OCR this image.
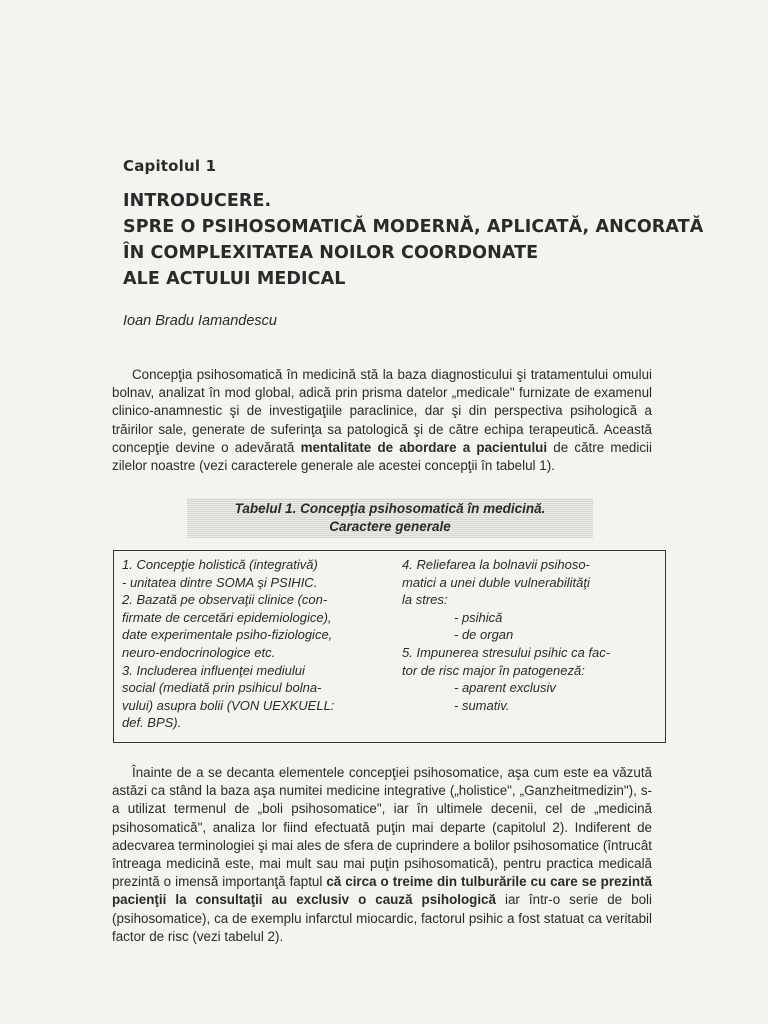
Capitolul 1
INTRODUCERE.
SPRE O PSIHOSOMATICĂ MODERNĂ, APLICATĂ, ANCORATĂ
ÎN COMPLEXITATEA NOILOR COORDONATE
ALE ACTULUI MEDICAL
Ioan Bradu Iamandescu

Concepţia psihosomatică în medicină stă la baza diagnosticului şi tratamentului omului bolnav, analizat în mod global, adică prin prisma datelor „medicale" furnizate de examenul clinico-anamnestic şi de investigaţiile paraclinice, dar şi din perspectiva psihologică a trăirilor sale, generate de suferinţa sa patologică şi de către echipa terapeutică. Această concepţie devine o adevărată mentalitate de abordare a pacientului de către medicii zilelor noastre (vezi caracterele generale ale acestei concepţii în tabelul 1).

Tabelul 1. Concepţia psihosomatică în medicină.
Caractere generale
1. Concepţie holistică (integrativă)
- unitatea dintre SOMA şi PSIHIC.
2. Bazată pe observaţii clinice (con-
firmate de cercetări epidemiologice),
date experimentale psiho-fiziologice,
neuro-endocrinologice etc.
3. Includerea influenţei mediului
social (mediată prin psihicul bolna-
vului) asupra bolii (VON UEXKUELL:
def. BPS).
4. Reliefarea la bolnavii psihoso-
matici a unei duble vulnerabilităţi
la stres:
- psihică
- de organ
5. Impunerea stresului psihic ca fac-
tor de risc major în patogeneză:
- aparent exclusiv
- sumativ.

Înainte de a se decanta elementele concepţiei psihosomatice, aşa cum este ea văzută astăzi ca stând la baza aşa numitei medicine integrative („holistice", „Ganzheitmedizin"), s-a utilizat termenul de „boli psihosomatice", iar în ultimele decenii, cel de „medicină psihosomatică", analiza lor fiind efectuată puţin mai departe (capitolul 2). Indiferent de adecvarea terminologiei şi mai ales de sfera de cuprindere a bolilor psihosomatice (întrucât întreaga medicină este, mai mult sau mai puţin psihosomatică), pentru practica medicală prezintă o imensă importanţă faptul că circa o treime din tulburările cu care se prezintă pacienţii la consultaţii au exclusiv o cauză psihologică iar într-o serie de boli (psihosomatice), ca de exemplu infarctul miocardic, factorul psihic a fost statuat ca veritabil factor de risc (vezi tabelul 2).
